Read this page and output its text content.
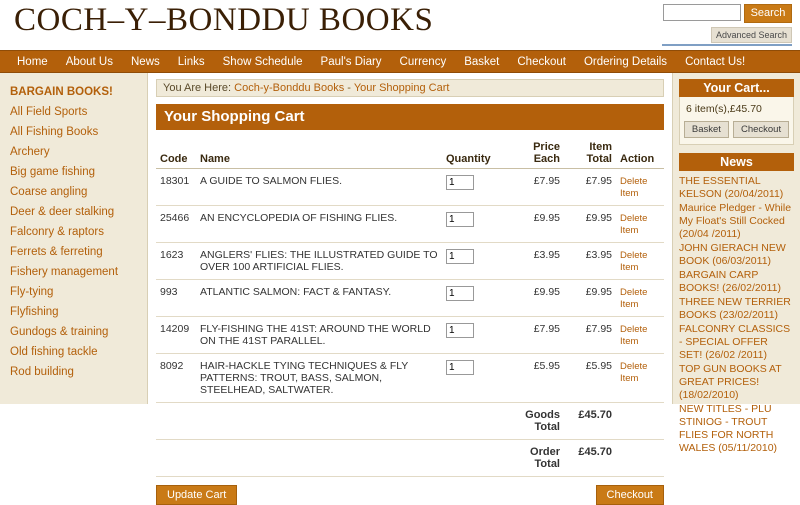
COCH–Y–BONDDU BOOKS	Search
Advanced Search
Home	About Us	News	Links	Show Schedule	Paul's Diary	Currency	Basket	Checkout	Ordering Details	Contact Us!
BARGAIN BOOKS!
All Field Sports
All Fishing Books
Archery
Big game fishing
Coarse angling
Deer & deer stalking
Falconry & raptors
Ferrets & ferreting
Fishery management
Fly-tying
Flyfishing
Gundogs & training
Old fishing tackle
Rod building
You Are Here: Coch-y-Bonddu Books - Your Shopping Cart
Your Shopping Cart
Code	Name	Quantity	Price Each	Item Total	Action
18301	A GUIDE TO SALMON FLIES.	1	£7.95	£7.95	Delete Item
25466	AN ENCYCLOPEDIA OF FISHING FLIES.	1	£9.95	£9.95	Delete Item
1623	ANGLERS' FLIES: THE ILLUSTRATED GUIDE TO OVER 100 ARTIFICIAL FLIES.	1	£3.95	£3.95	Delete Item
993	ATLANTIC SALMON: FACT & FANTASY.	1	£9.95	£9.95	Delete Item
14209	FLY-FISHING THE 41ST: AROUND THE WORLD ON THE 41ST PARALLEL.	1	£7.95	£7.95	Delete Item
8092	HAIR-HACKLE TYING TECHNIQUES & FLY PATTERNS: TROUT, BASS, SALMON, STEELHEAD, SALTWATER.	1	£5.95	£5.95	Delete Item
			Goods Total	£45.70	
			Order Total	£45.70	
Update Cart	Checkout
Your Cart...
6 item(s),£45.70
Basket	Checkout
News
THE ESSENTIAL KELSON (20/04/2011)
Maurice Pledger - While My Float's Still Cocked (20/04 /2011)
JOHN GIERACH NEW BOOK (06/03/2011)
BARGAIN CARP BOOKS! (26/02/2011)
THREE NEW TERRIER BOOKS (23/02/2011)
FALCONRY CLASSICS - SPECIAL OFFER SET! (26/02 /2011)
TOP GUN BOOKS AT GREAT PRICES! (18/02/2010)
NEW TITLES - PLU STINIOG - TROUT FLIES FOR NORTH WALES (05/11/2010)
